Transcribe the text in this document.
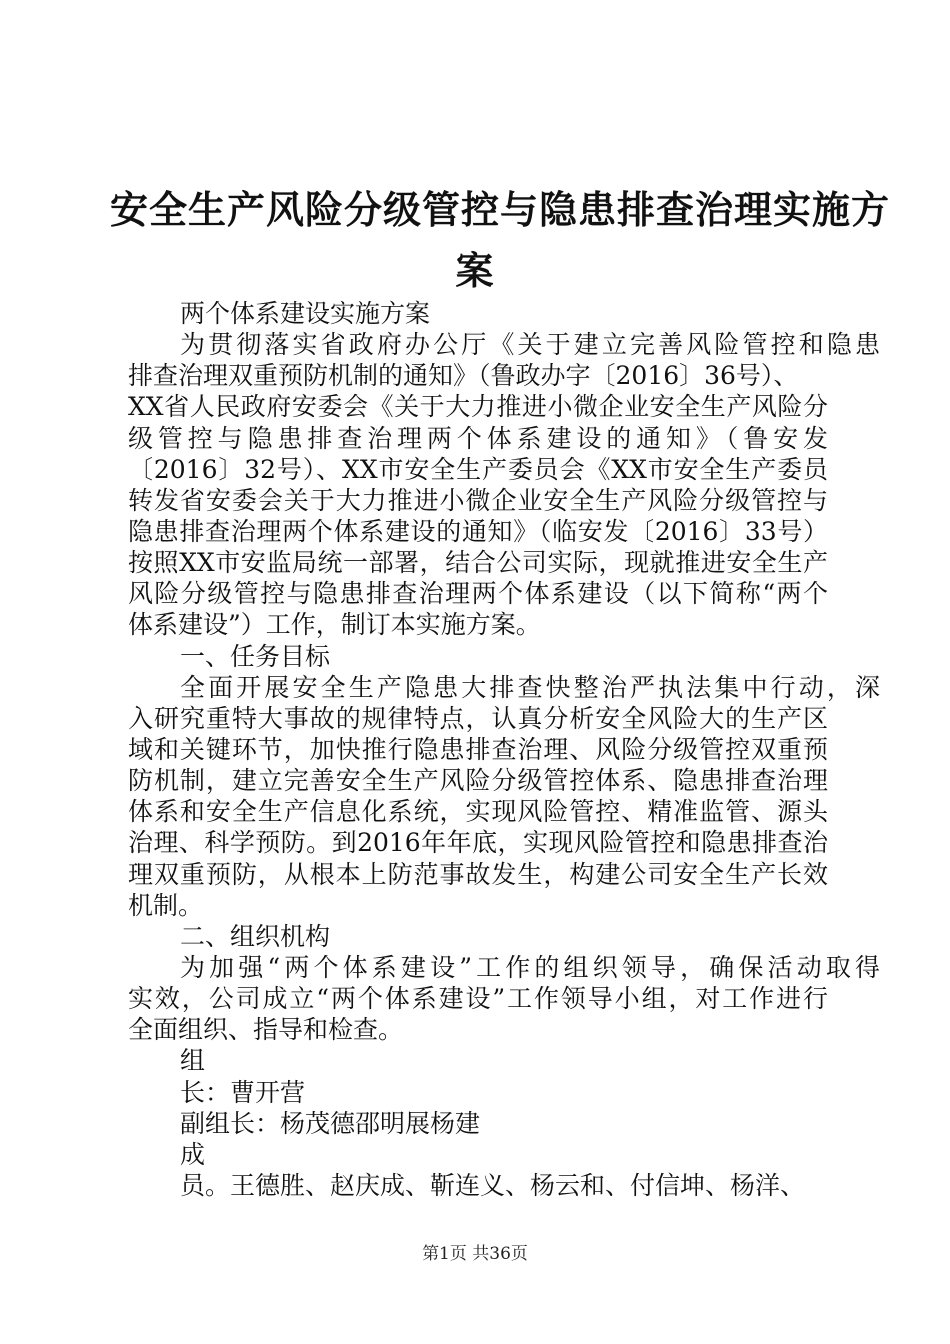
安全生产风险分级管控与隐患排查治理实施方
案
两个体系建设实施方案
为贯彻落实省政府办公厅《关于建立完善风险管控和隐患
排查治理双重预防机制的通知》（鲁政办字〔2016〕36号）、
XX省人民政府安委会《关于大力推进小微企业安全生产风险分
级管控与隐患排查治理两个体系建设的通知》（鲁安发
〔2016〕32号）、XX市安全生产委员会《XX市安全生产委员
转发省安委会关于大力推进小微企业安全生产风险分级管控与
隐患排查治理两个体系建设的通知》（临安发〔2016〕33号）
按照XX市安监局统一部署，结合公司实际，现就推进安全生产
风险分级管控与隐患排查治理两个体系建设（以下简称“两个
体系建设”）工作，制订本实施方案。
一、任务目标
全面开展安全生产隐患大排查快整治严执法集中行动，深
入研究重特大事故的规律特点，认真分析安全风险大的生产区
域和关键环节，加快推行隐患排查治理、风险分级管控双重预
防机制，建立完善安全生产风险分级管控体系、隐患排查治理
体系和安全生产信息化系统，实现风险管控、精准监管、源头
治理、科学预防。到2016年年底，实现风险管控和隐患排查治
理双重预防，从根本上防范事故发生，构建公司安全生产长效
机制。
二、组织机构
为加强“两个体系建设”工作的组织领导，确保活动取得
实效，公司成立“两个体系建设”工作领导小组，对工作进行
全面组织、指导和检查。
组
长：曹开营
副组长：杨茂德邵明展杨建
成
员。王德胜、赵庆成、靳连义、杨云和、付信坤、杨洋、
第1页 共36页
